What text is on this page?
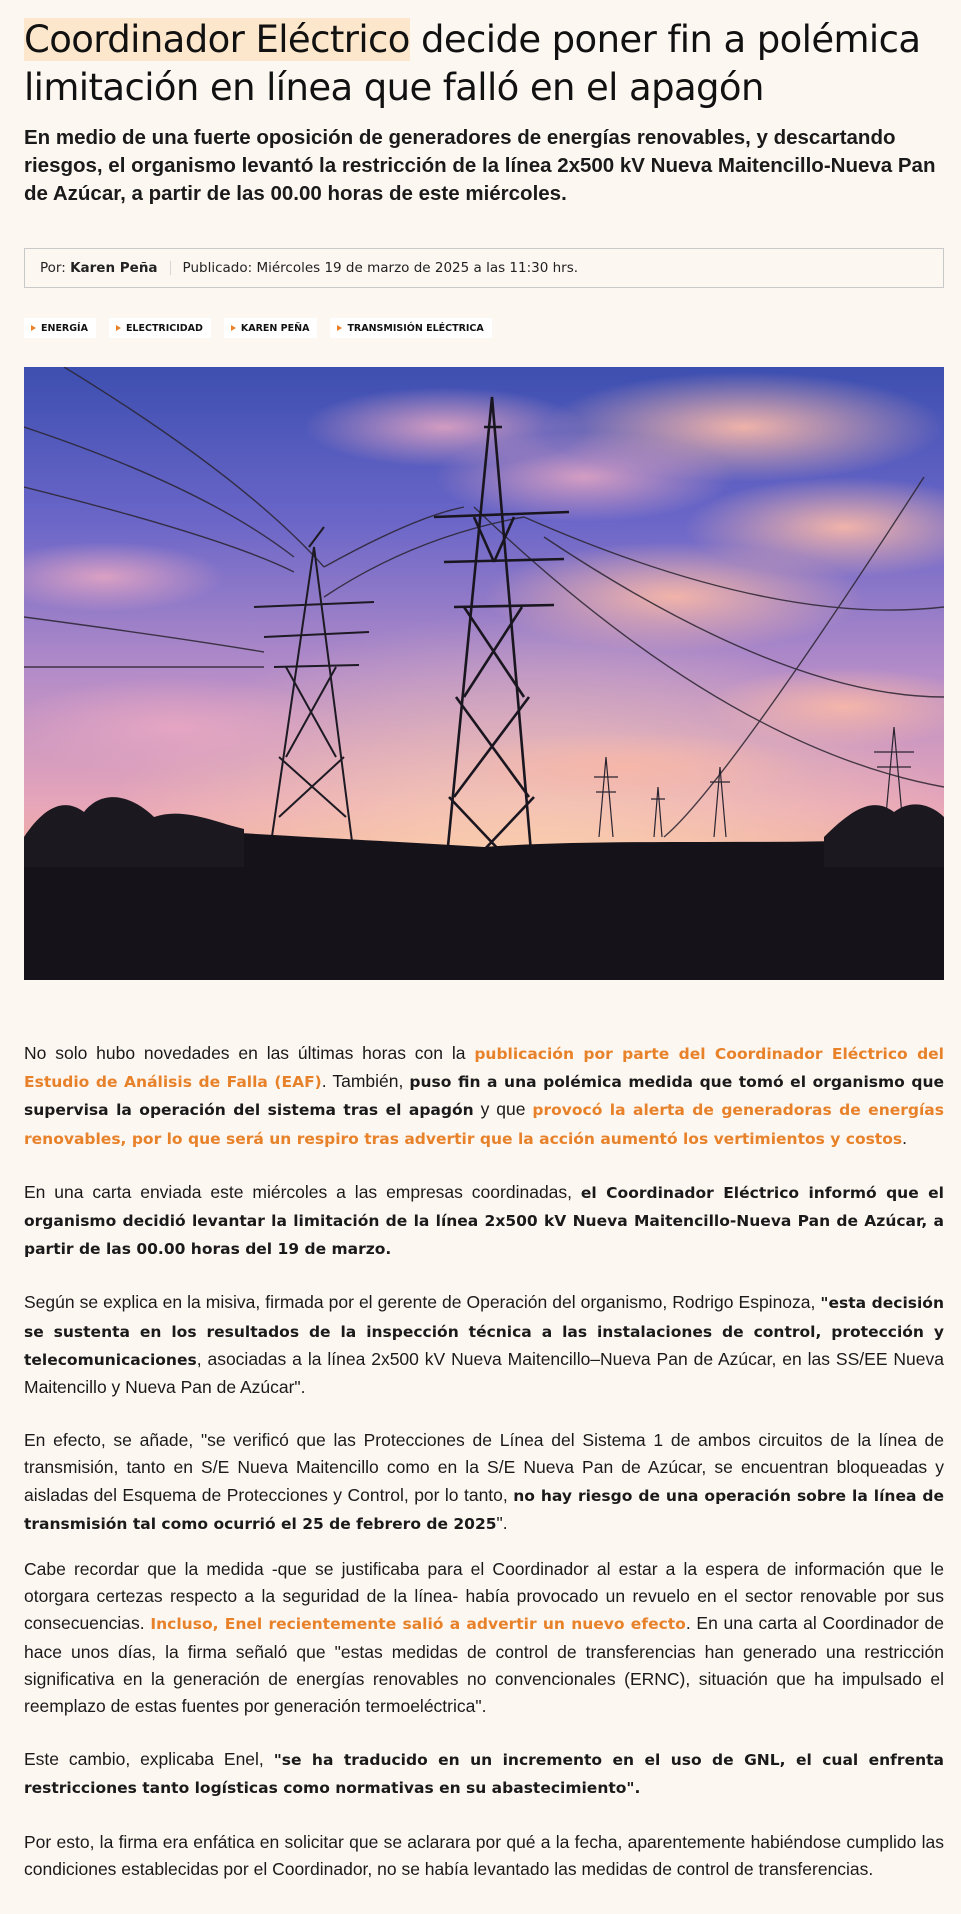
Coordinador Eléctrico decide poner fin a polémica limitación en línea que falló en el apagón

En medio de una fuerte oposición de generadores de energías renovables, y descartando riesgos, el organismo levantó la restricción de la línea 2x500 kV Nueva Maitencillo-Nueva Pan de Azúcar, a partir de las 00.00 horas de este miércoles.

Por:
Karen Peña Publicado: Miércoles 19 de marzo de 2025 a las 11:30 hrs.
ENERGÍA	ELECTRICIDAD	KAREN PEÑA	TRANSMISIÓN ELÉCTRICA

No solo hubo novedades en las últimas horas con la publicación por parte del Coordinador Eléctrico del Estudio de Análisis de Falla (EAF). También, puso fin a una polémica medida que tomó el organismo que supervisa la operación del sistema tras el apagón y que provocó la alerta de generadoras de energías renovables, por lo que será un respiro tras advertir que la acción aumentó los vertimientos y costos.

En una carta enviada este miércoles a las empresas coordinadas, el Coordinador Eléctrico informó que el organismo decidió levantar la limitación de la línea 2x500 kV Nueva Maitencillo-Nueva Pan de Azúcar, a partir de las 00.00 horas del 19 de marzo.

Según se explica en la misiva, firmada por el gerente de Operación del organismo, Rodrigo Espinoza, "esta decisión se sustenta en los resultados de la inspección técnica a las instalaciones de control, protección y telecomunicaciones, asociadas a la línea 2x500 kV Nueva Maitencillo–Nueva Pan de Azúcar, en las SS/EE Nueva Maitencillo y Nueva Pan de Azúcar".

En efecto, se añade, "se verificó que las Protecciones de Línea del Sistema 1 de ambos circuitos de la línea de transmisión, tanto en S/E Nueva Maitencillo como en la S/E Nueva Pan de Azúcar, se encuentran bloqueadas y aisladas del Esquema de Protecciones y Control, por lo tanto, no hay riesgo de una operación sobre la línea de transmisión tal como ocurrió el 25 de febrero de 2025".

Cabe recordar que la medida -que se justificaba para el Coordinador al estar a la espera de información que le otorgara certezas respecto a la seguridad de la línea- había provocado un revuelo en el sector renovable por sus consecuencias. Incluso, Enel recientemente salió a advertir un nuevo efecto. En una carta al Coordinador de hace unos días, la firma señaló que "estas medidas de control de transferencias han generado una restricción significativa en la generación de energías renovables no convencionales (ERNC), situación que ha impulsado el reemplazo de estas fuentes por generación termoeléctrica".

Este cambio, explicaba Enel, "se ha traducido en un incremento en el uso de GNL, el cual enfrenta restricciones tanto logísticas como normativas en su abastecimiento".

Por esto, la firma era enfática en solicitar que se aclarara por qué a la fecha, aparentemente habiéndose cumplido las condiciones establecidas por el Coordinador, no se había levantado las medidas de control de transferencias.
